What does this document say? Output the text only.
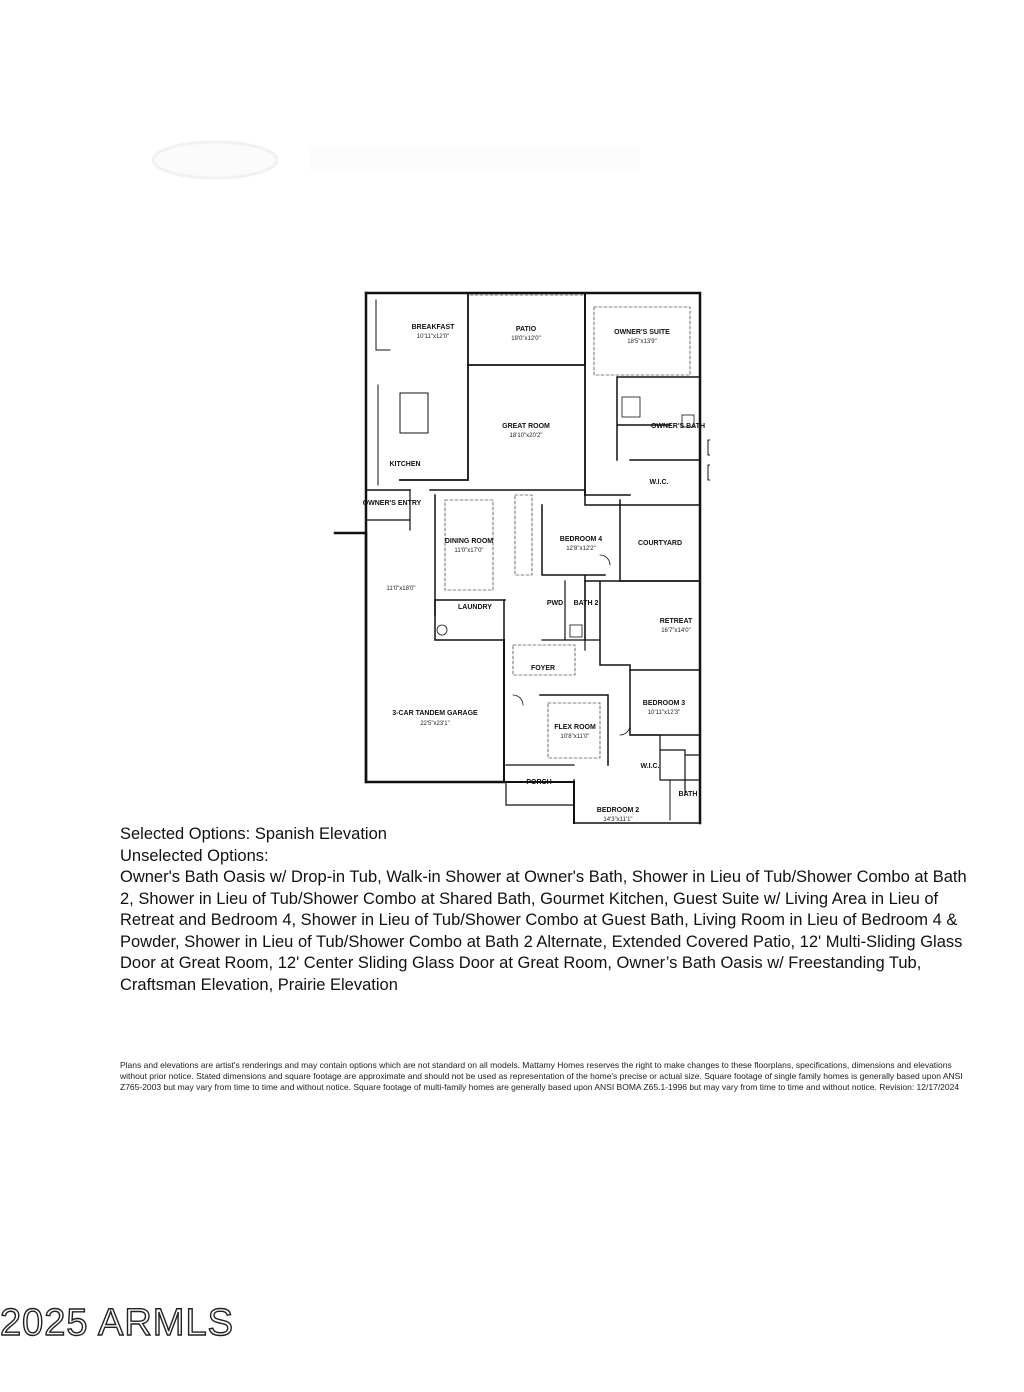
BREAKFAST
10'11"x12'0"
PATIO
19'0"x12'0"
OWNER'S SUITE
18'5"x13'9"
GREAT ROOM
18'10"x20'2"
OWNER'S BATH
KITCHEN
W.I.C.
OWNER'S ENTRY
DINING ROOM
11'0"x17'0"
BEDROOM 4
12'8"x12'2"
COURTYARD
11'0"x18'0"
LAUNDRY
PWD BATH 2
RETREAT
16'7"x14'0"
FOYER
3-CAR TANDEM GARAGE
22'5"x23'1"	FLEX ROOM
10'8"x11'0"
BEDROOM 3
10'11"x12'3"
W.I.C.
PORCH
BATH
BEDROOM 2
14'3"x11'1"
Selected Options: Spanish Elevation
Unselected Options:
Owner's Bath Oasis w/ Drop-in Tub, Walk-in Shower at Owner's Bath, Shower in Lieu of Tub/Shower Combo at Bath 2, Shower in Lieu of Tub/Shower Combo at Shared Bath, Gourmet Kitchen, Guest Suite w/ Living Area in Lieu of Retreat and Bedroom 4, Shower in Lieu of Tub/Shower Combo at Guest Bath, Living Room in Lieu of Bedroom 4 & Powder, Shower in Lieu of Tub/Shower Combo at Bath 2 Alternate, Extended Covered Patio, 12' Multi-Sliding Glass Door at Great Room, 12' Center Sliding Glass Door at Great Room, Owner’s Bath Oasis w/ Freestanding Tub, Craftsman Elevation, Prairie Elevation
Plans and elevations are artist's renderings and may contain options which are not standard on all models. Mattamy Homes reserves the right to make changes to these floorplans, specifications, dimensions and elevations without prior notice. Stated dimensions and square footage are approximate and should not be used as representation of the home's precise or actual size. Square footage of single family homes is generally based upon ANSI Z765-2003 but may vary from time to time and without notice. Square footage of multi-family homes are generally based upon ANSI BOMA Z65.1-1996 but may vary from time to time and without notice. Revision: 12/17/2024
2025 ARMLS
